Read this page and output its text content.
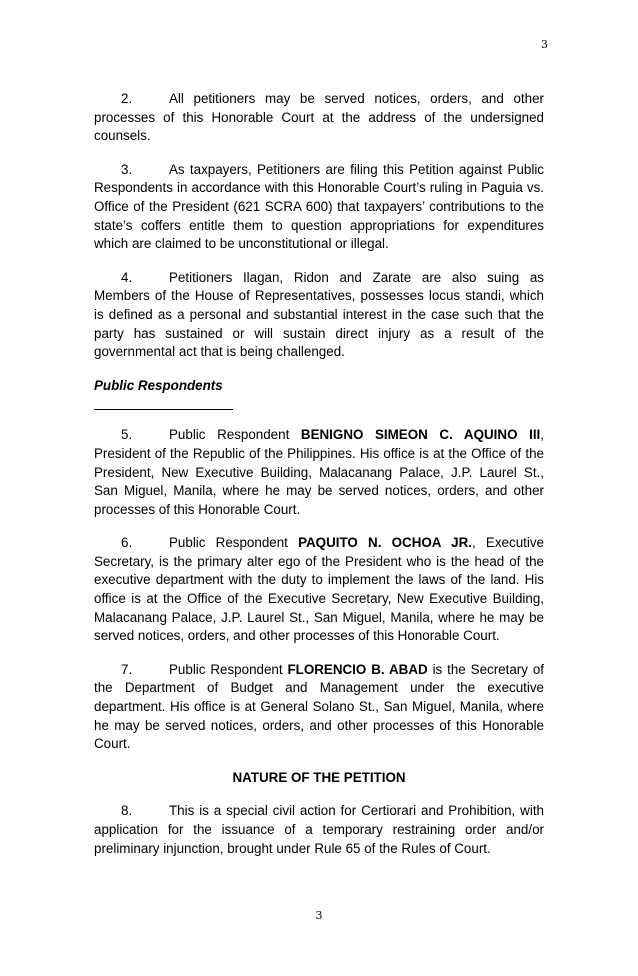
3

2.	All petitioners may be served notices, orders, and other processes of this Honorable Court at the address of the undersigned counsels.

3.	As taxpayers, Petitioners are filing this Petition against Public Respondents in accordance with this Honorable Court’s ruling in Paguia vs. Office of the President (621 SCRA 600) that taxpayers’ contributions to the state’s coffers entitle them to question appropriations for expenditures which are claimed to be unconstitutional or illegal.

4.	Petitioners Ilagan, Ridon and Zarate are also suing as Members of the House of Representatives, possesses locus standi, which is defined as a personal and substantial interest in the case such that the party has sustained or will sustain direct injury as a result of the governmental act that is being challenged.

Public Respondents

5.	Public Respondent BENIGNO SIMEON C. AQUINO III, President of the Republic of the Philippines. His office is at the Office of the President, New Executive Building, Malacanang Palace, J.P. Laurel St., San Miguel, Manila, where he may be served notices, orders, and other processes of this Honorable Court.

6.	Public Respondent PAQUITO N. OCHOA JR., Executive Secretary, is the primary alter ego of the President who is the head of the executive department with the duty to implement the laws of the land. His office is at the Office of the Executive Secretary, New Executive Building, Malacanang Palace, J.P. Laurel St., San Miguel, Manila, where he may be served notices, orders, and other processes of this Honorable Court.

7.	Public Respondent FLORENCIO B. ABAD is the Secretary of the Department of Budget and Management under the executive department. His office is at General Solano St., San Miguel, Manila, where he may be served notices, orders, and other processes of this Honorable Court.

NATURE OF THE PETITION

8.	This is a special civil action for Certiorari and Prohibition, with application for the issuance of a temporary restraining order and/or preliminary injunction, brought under Rule 65 of the Rules of Court.

3
